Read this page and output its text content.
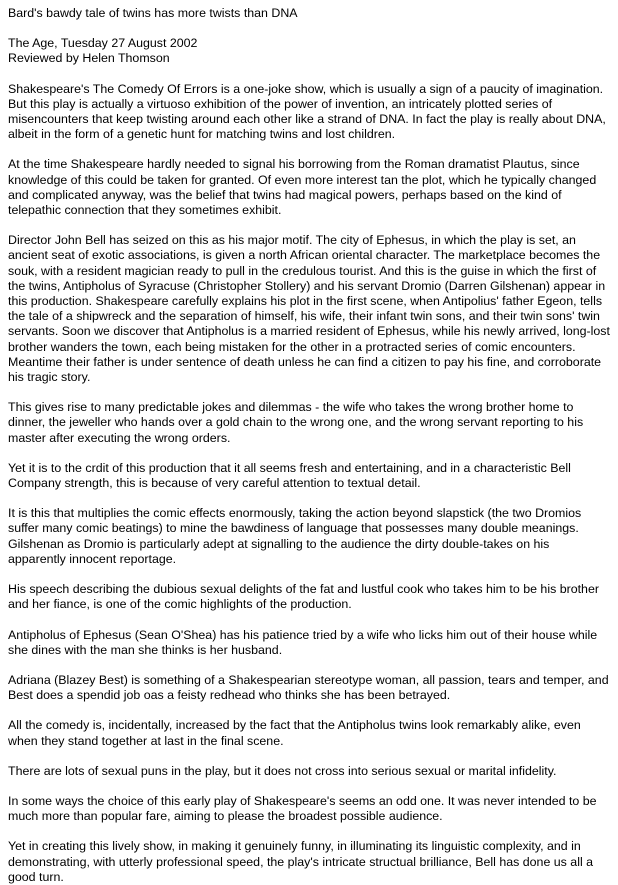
Bard's bawdy tale of twins has more twists than DNA
The Age, Tuesday 27 August 2002
Reviewed by Helen Thomson

Shakespeare's The Comedy Of Errors is a one-joke show, which is usually a sign of a paucity of imagination. But this play is actually a virtuoso exhibition of the power of invention, an intricately plotted series of misencounters that keep twisting around each other like a strand of DNA. In fact the play is really about DNA, albeit in the form of a genetic hunt for matching twins and lost children.

At the time Shakespeare hardly needed to signal his borrowing from the Roman dramatist Plautus, since knowledge of this could be taken for granted. Of even more interest tan the plot, which he typically changed and complicated anyway, was the belief that twins had magical powers, perhaps based on the kind of telepathic connection that they sometimes exhibit.

Director John Bell has seized on this as his major motif. The city of Ephesus, in which the play is set, an ancient seat of exotic associations, is given a north African oriental character. The marketplace becomes the souk, with a resident magician ready to pull in the credulous tourist. And this is the guise in which the first of the twins, Antipholus of Syracuse (Christopher Stollery) and his servant Dromio (Darren Gilshenan) appear in this production. Shakespeare carefully explains his plot in the first scene, when Antipolius' father Egeon, tells the tale of a shipwreck and the separation of himself, his wife, their infant twin sons, and their twin sons' twin servants. Soon we discover that Antipholus is a married resident of Ephesus, while his newly arrived, long-lost brother wanders the town, each being mistaken for the other in a protracted series of comic encounters. Meantime their father is under sentence of death unless he can find a citizen to pay his fine, and corroborate his tragic story.

This gives rise to many predictable jokes and dilemmas - the wife who takes the wrong brother home to dinner, the jeweller who hands over a gold chain to the wrong one, and the wrong servant reporting to his master after executing the wrong orders.

Yet it is to the crdit of this production that it all seems fresh and entertaining, and in a characteristic Bell Company strength, this is because of very careful attention to textual detail.

It is this that multiplies the comic effects enormously, taking the action beyond slapstick (the two Dromios suffer many comic beatings) to mine the bawdiness of language that possesses many double meanings. Gilshenan as Dromio is particularly adept at signalling to the audience the dirty double-takes on his apparently innocent reportage.

His speech describing the dubious sexual delights of the fat and lustful cook who takes him to be his brother and her fiance, is one of the comic highlights of the production.

Antipholus of Ephesus (Sean O'Shea) has his patience tried by a wife who licks him out of their house while she dines with the man she thinks is her husband.

Adriana (Blazey Best) is something of a Shakespearian stereotype woman, all passion, tears and temper, and Best does a spendid job oas a feisty redhead who thinks she has been betrayed.

All the comedy is, incidentally, increased by the fact that the Antipholus twins look remarkably alike, even when they stand together at last in the final scene.

There are lots of sexual puns in the play, but it does not cross into serious sexual or marital infidelity.

In some ways the choice of this early play of Shakespeare's seems an odd one. It was never intended to be much more than popular fare, aiming to please the broadest possible audience.

Yet in creating this lively show, in making it genuinely funny, in illuminating its linguistic complexity, and in demonstrating, with utterly professional speed, the play's intricate structual brilliance, Bell has done us all a good turn.
